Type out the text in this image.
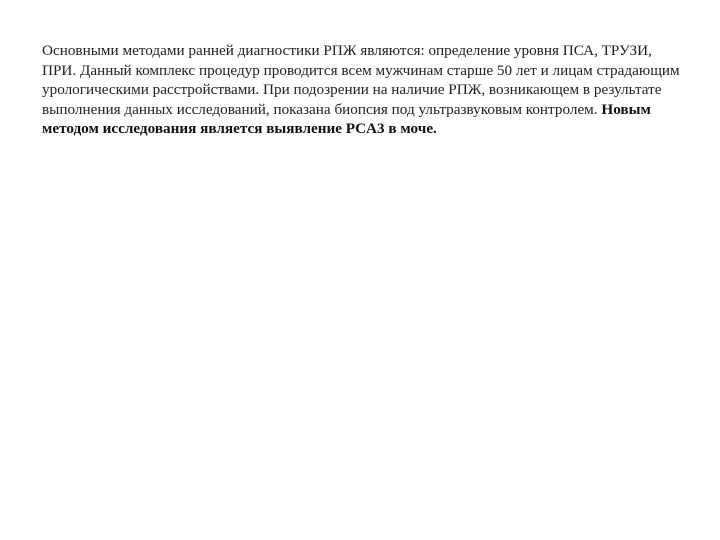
Основными методами ранней диагностики РПЖ являются: определение уровня ПСА, ТРУЗИ, ПРИ. Данный комплекс процедур проводится всем мужчинам старше 50 лет и лицам страдающим урологическими расстройствами. При подозрении на наличие РПЖ, возникающем в результате выполнения данных исследований, показана биопсия под ультразвуковым контролем. Новым методом исследования является выявление PCA3 в моче.
